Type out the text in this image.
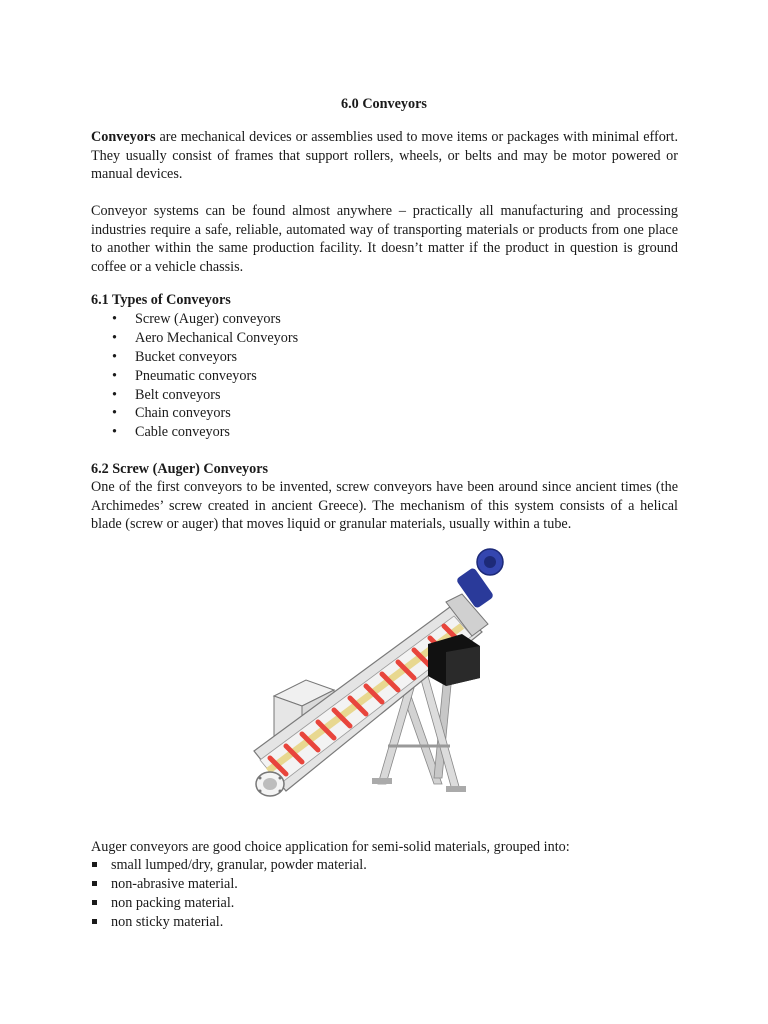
6.0 Conveyors

Conveyors are mechanical devices or assemblies used to move items or packages with minimal effort. They usually consist of frames that support rollers, wheels, or belts and may be motor powered or manual devices.

Conveyor systems can be found almost anywhere – practically all manufacturing and processing industries require a safe, reliable, automated way of transporting materials or products from one place to another within the same production facility. It doesn’t matter if the product in question is ground coffee or a vehicle chassis.

6.1 Types of Conveyors
• Screw (Auger) conveyors
• Aero Mechanical Conveyors
• Bucket conveyors
• Pneumatic conveyors
• Belt conveyors
• Chain conveyors
• Cable conveyors
6.2 Screw (Auger) Conveyors

One of the first conveyors to be invented, screw conveyors have been around since ancient times (the Archimedes’ screw created in ancient Greece). The mechanism of this system consists of a helical blade (screw or auger) that moves liquid or granular materials, usually within a tube.

Auger conveyors are good choice application for semi-solid materials, grouped into:

small lumped/dry, granular, powder material.
non-abrasive material.
non packing material.
non sticky material.
